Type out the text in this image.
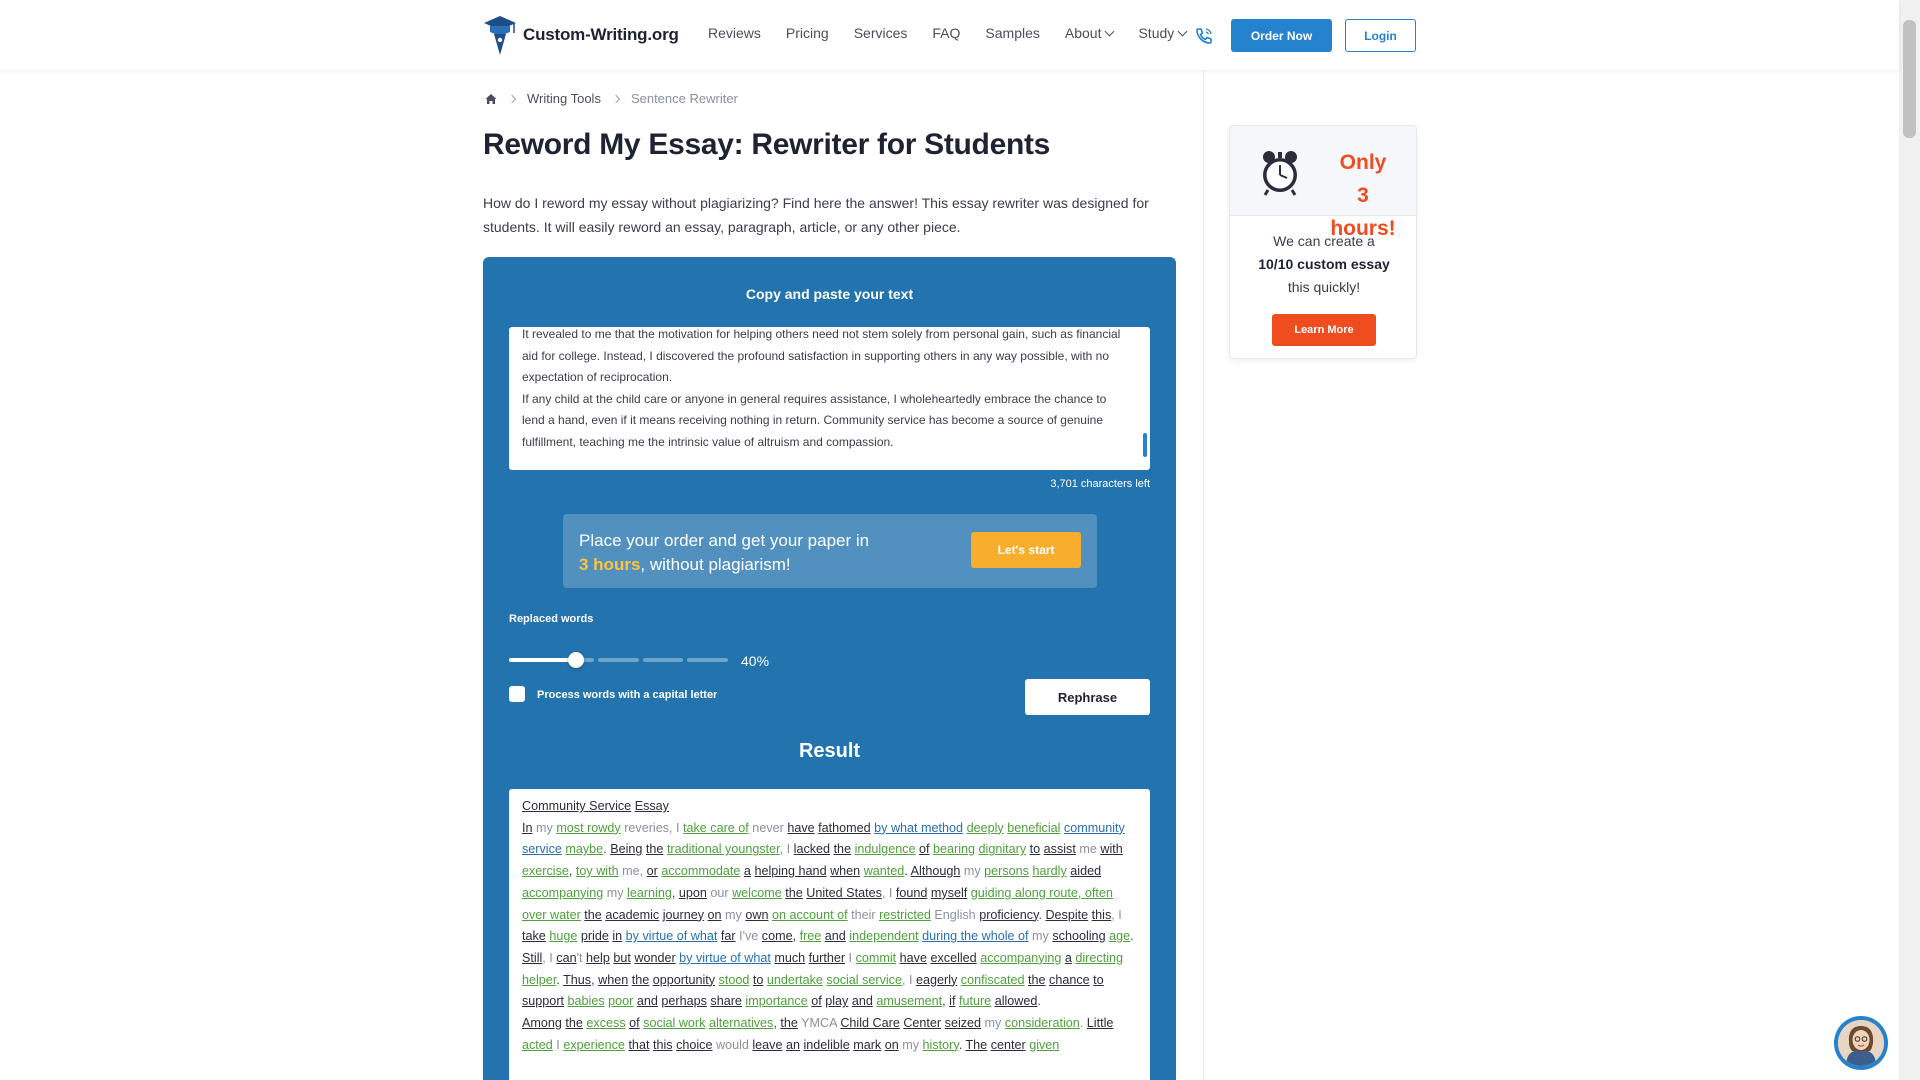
Custom-Writing.org Reviews Pricing Services FAQ Samples About	Study	Order Now	Login
Writing Tools Sentence Rewriter
Reword My Essay: Rewriter for Students

How do I reword my essay without plagiarizing? Find here the answer! This essay rewriter was designed for students. It will easily reword an essay, paragraph, article, or any other piece.

Copy and paste your text
It revealed to me that the motivation for helping others need not stem solely from personal gain, such as financial aid for college. Instead, I discovered the profound satisfaction in supporting others in any way possible, with no expectation of reciprocation.
If any child at the child care or anyone in general requires assistance, I wholeheartedly embrace the chance to lend a hand, even if it means receiving nothing in return. Community service has become a source of genuine fulfillment, teaching me the intrinsic value of altruism and compassion.
3,701 characters left
Place your order and get your paper in
3 hours, without plagiarism!
Let's start
Replaced words
40%
Process words with a capital letter	Rephrase
Result
Community Service Essay
In my most rowdy reveries, I take care of never have fathomed by what method deeply beneficial community service maybe. Being the traditional youngster, I lacked the indulgence of bearing dignitary to assist me with exercise, toy with me, or accommodate a helping hand when wanted. Although my persons hardly aided accompanying my learning, upon our welcome the United States, I found myself guiding along route, often over water the academic journey on my own on account of their restricted English proficiency. Despite this, I take huge pride in by virtue of what far I've come, free and independent during the whole of my schooling age. Still, I can't help but wonder by virtue of what much further I commit have excelled accompanying a directing helper. Thus, when the opportunity stood to undertake social service, I eagerly confiscated the chance to support babies poor and perhaps share importance of play and amusement, if future allowed.
Among the excess of social work alternatives, the YMCA Child Care Center seized my consideration. Little acted I experience that this choice would leave an indelible mark on my history. The center given
Only
3 hours!
We can create a
10/10 custom essay
this quickly!
Learn More
